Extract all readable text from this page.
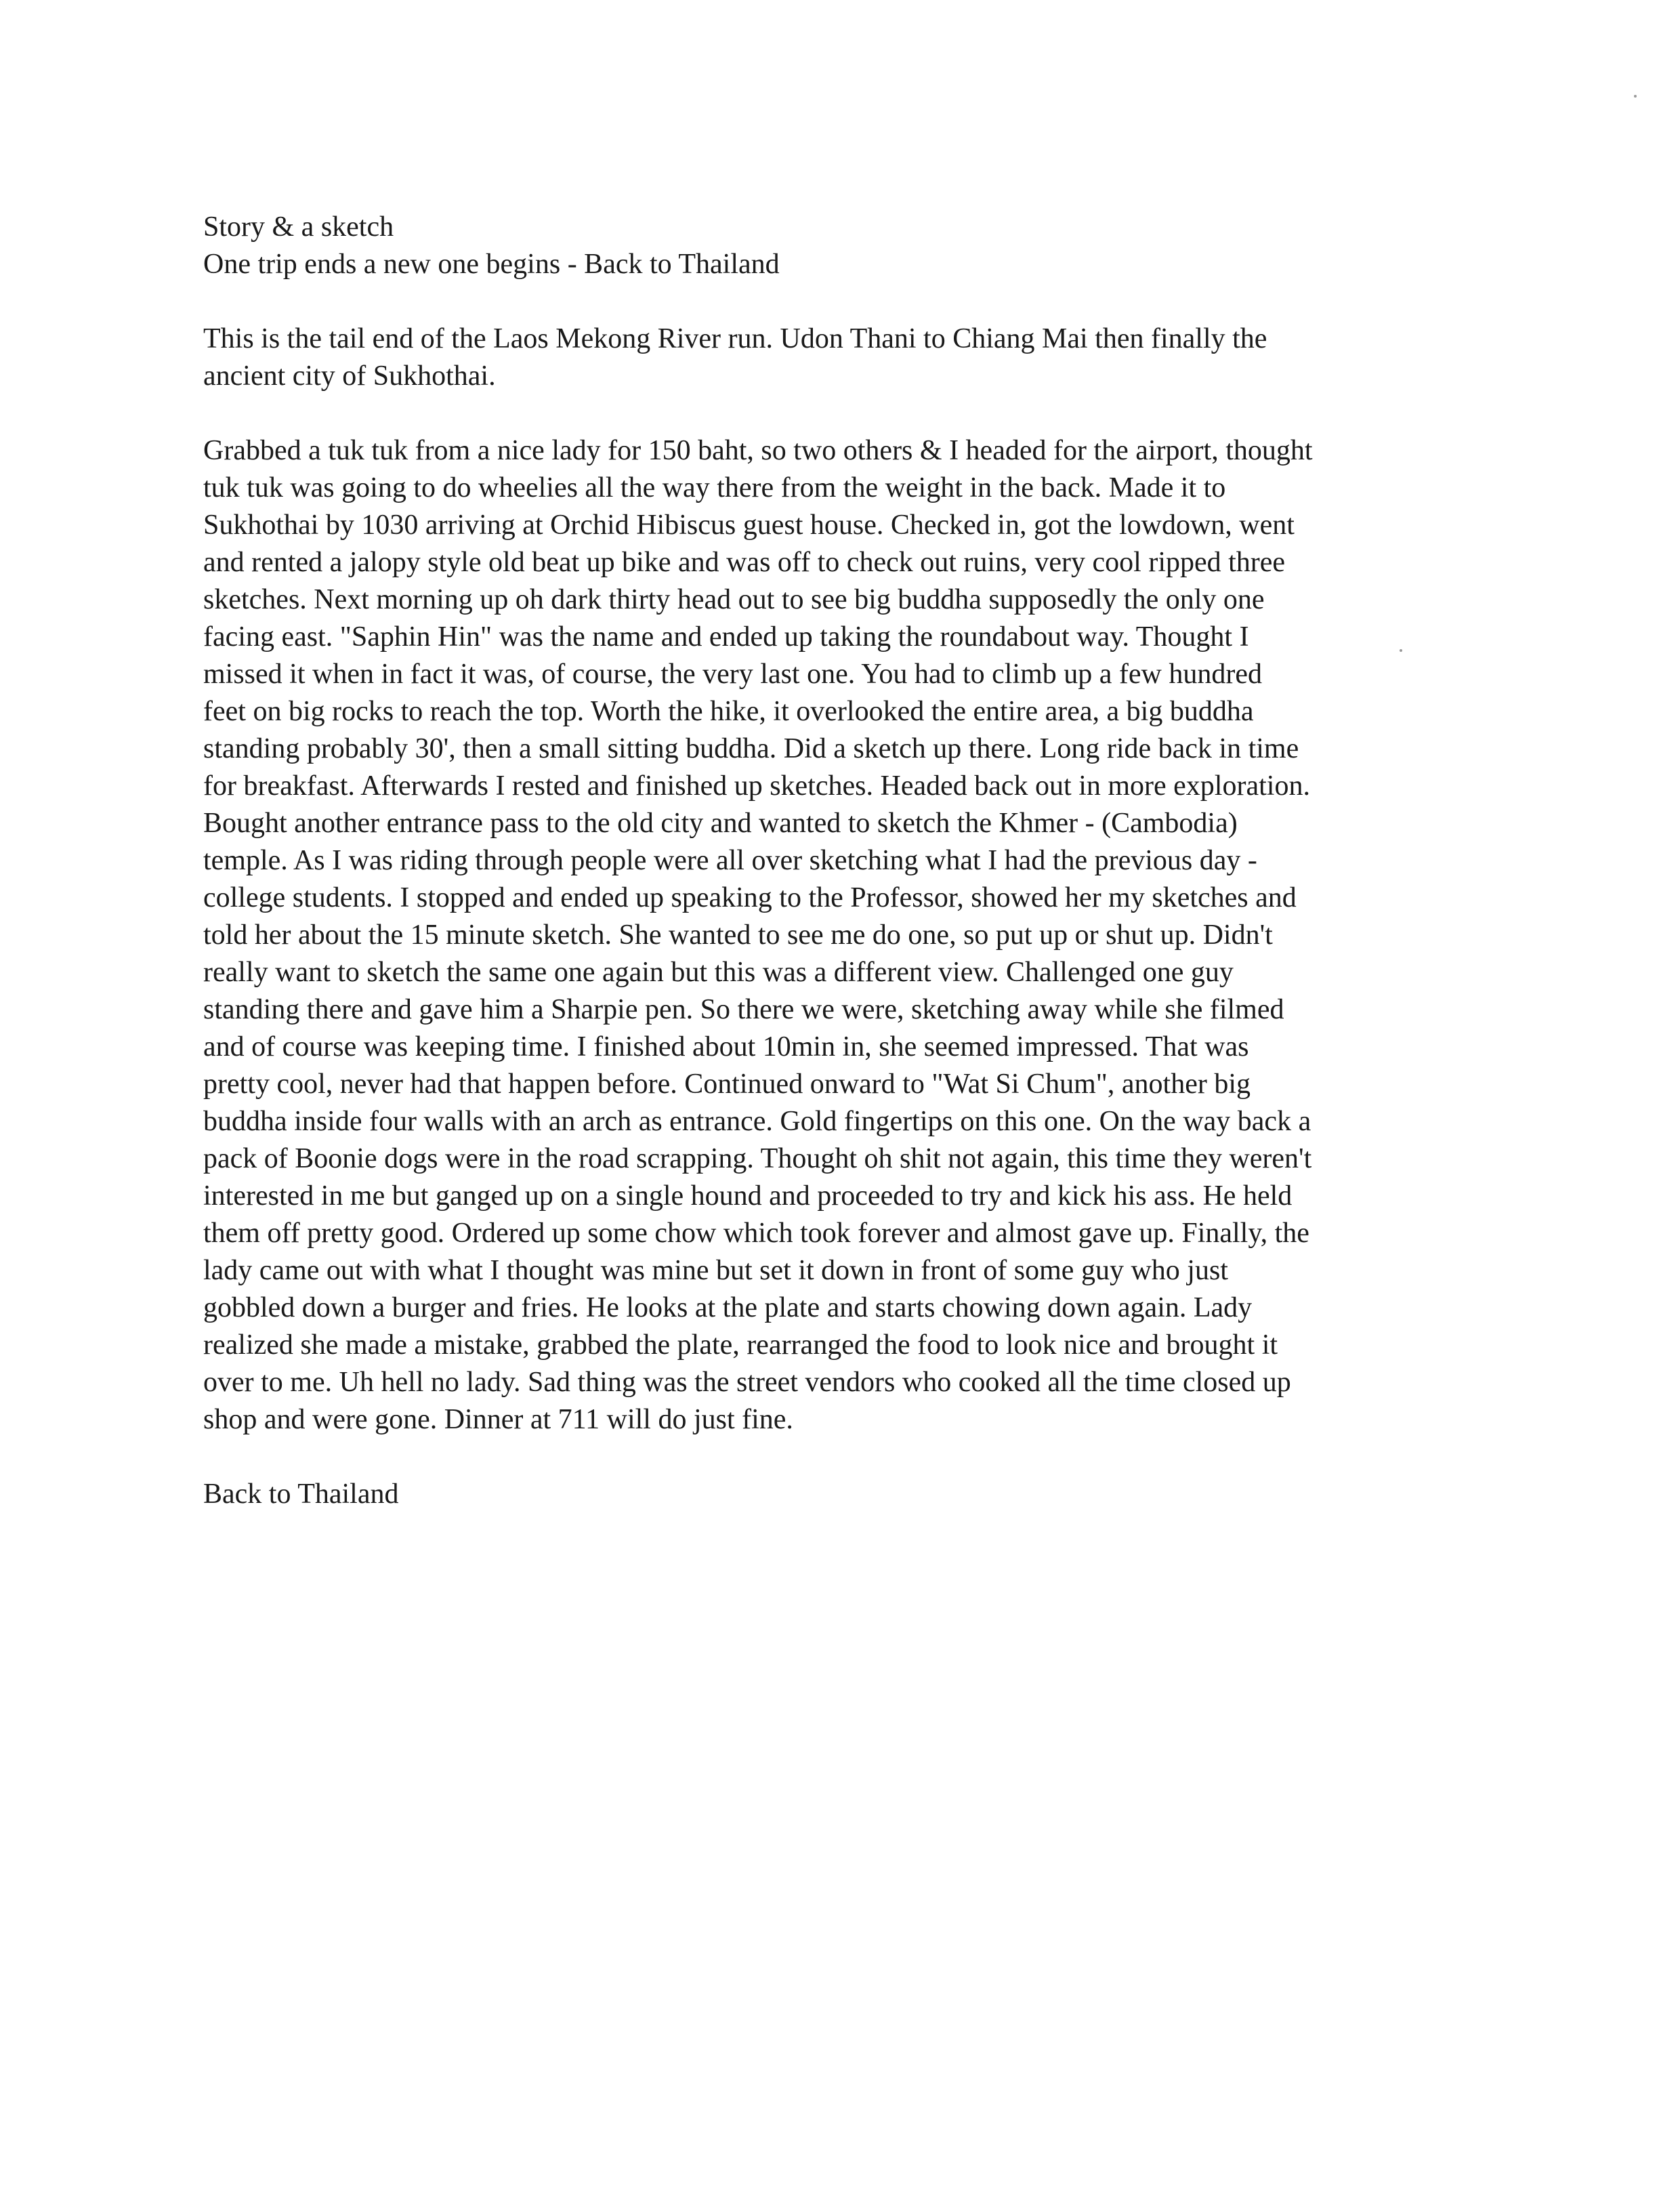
Story & a sketch
One trip ends a new one begins - Back to Thailand
This is the tail end of the Laos Mekong River run. Udon Thani to Chiang Mai then finally the
ancient city of Sukhothai.
Grabbed a tuk tuk from a nice lady for 150 baht, so two others & I headed for the airport, thought
tuk tuk was going to do wheelies all the way there from the weight in the back. Made it to
Sukhothai by 1030 arriving at Orchid Hibiscus guest house. Checked in, got the lowdown, went
and rented a jalopy style old beat up bike and was off to check out ruins, very cool ripped three
sketches. Next morning up oh dark thirty head out to see big buddha supposedly the only one
facing east. "Saphin Hin" was the name and ended up taking the roundabout way. Thought I
missed it when in fact it was, of course, the very last one. You had to climb up a few hundred
feet on big rocks to reach the top. Worth the hike, it overlooked the entire area, a big buddha
standing probably 30', then a small sitting buddha. Did a sketch up there. Long ride back in time
for breakfast. Afterwards I rested and finished up sketches. Headed back out in more exploration.
Bought another entrance pass to the old city and wanted to sketch the Khmer - (Cambodia)
temple. As I was riding through people were all over sketching what I had the previous day -
college students. I stopped and ended up speaking to the Professor, showed her my sketches and
told her about the 15 minute sketch. She wanted to see me do one, so put up or shut up. Didn't
really want to sketch the same one again but this was a different view. Challenged one guy
standing there and gave him a Sharpie pen. So there we were, sketching away while she filmed
and of course was keeping time. I finished about 10min in, she seemed impressed. That was
pretty cool, never had that happen before. Continued onward to "Wat Si Chum", another big
buddha inside four walls with an arch as entrance. Gold fingertips on this one. On the way back a
pack of Boonie dogs were in the road scrapping. Thought oh shit not again, this time they weren't
interested in me but ganged up on a single hound and proceeded to try and kick his ass. He held
them off pretty good. Ordered up some chow which took forever and almost gave up. Finally, the
lady came out with what I thought was mine but set it down in front of some guy who just
gobbled down a burger and fries. He looks at the plate and starts chowing down again. Lady
realized she made a mistake, grabbed the plate, rearranged the food to look nice and brought it
over to me. Uh hell no lady. Sad thing was the street vendors who cooked all the time closed up
shop and were gone. Dinner at 711 will do just fine.
Back to Thailand
